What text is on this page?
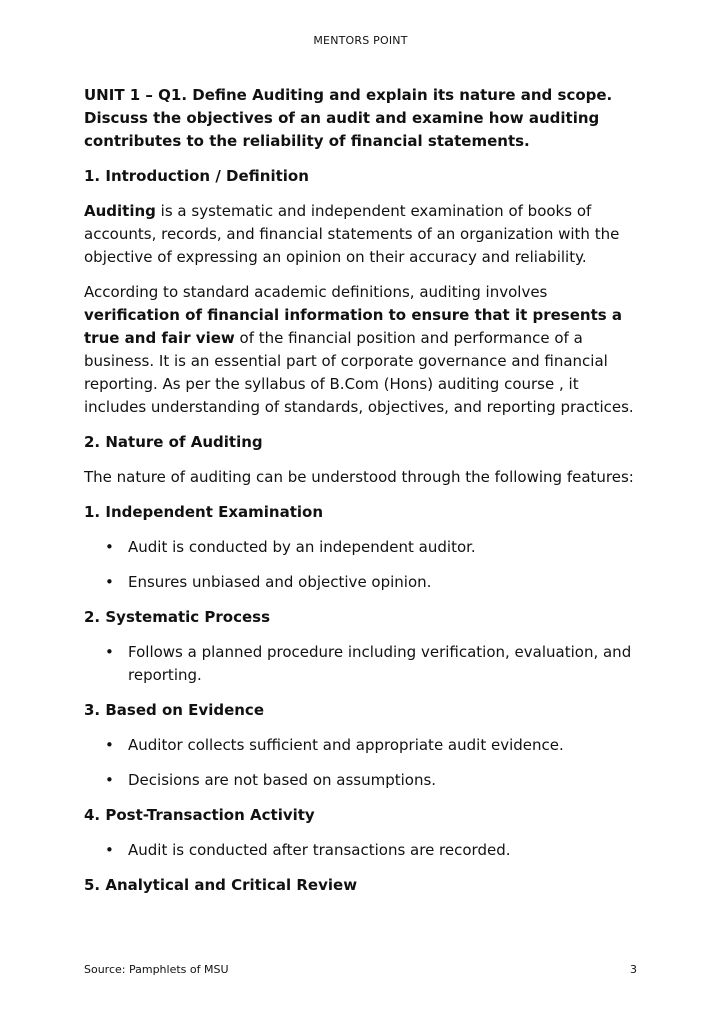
MENTORS POINT

UNIT 1 – Q1. Define Auditing and explain its nature and scope. Discuss the objectives of an audit and examine how auditing contributes to the reliability of financial statements.

1. Introduction / Definition

Auditing is a systematic and independent examination of books of accounts, records, and financial statements of an organization with the objective of expressing an opinion on their accuracy and reliability.

According to standard academic definitions, auditing involves verification of financial information to ensure that it presents a true and fair view of the financial position and performance of a business. It is an essential part of corporate governance and financial reporting. As per the syllabus of B.Com (Hons) auditing course , it includes understanding of standards, objectives, and reporting practices.

2. Nature of Auditing

The nature of auditing can be understood through the following features:

1. Independent Examination

• Audit is conducted by an independent auditor.
• Ensures unbiased and objective opinion.

2. Systematic Process

• Follows a planned procedure including verification, evaluation, and reporting.

3. Based on Evidence

• Auditor collects sufficient and appropriate audit evidence.
• Decisions are not based on assumptions.

4. Post-Transaction Activity

• Audit is conducted after transactions are recorded.

5. Analytical and Critical Review

Source: Pamphlets of MSU	3
